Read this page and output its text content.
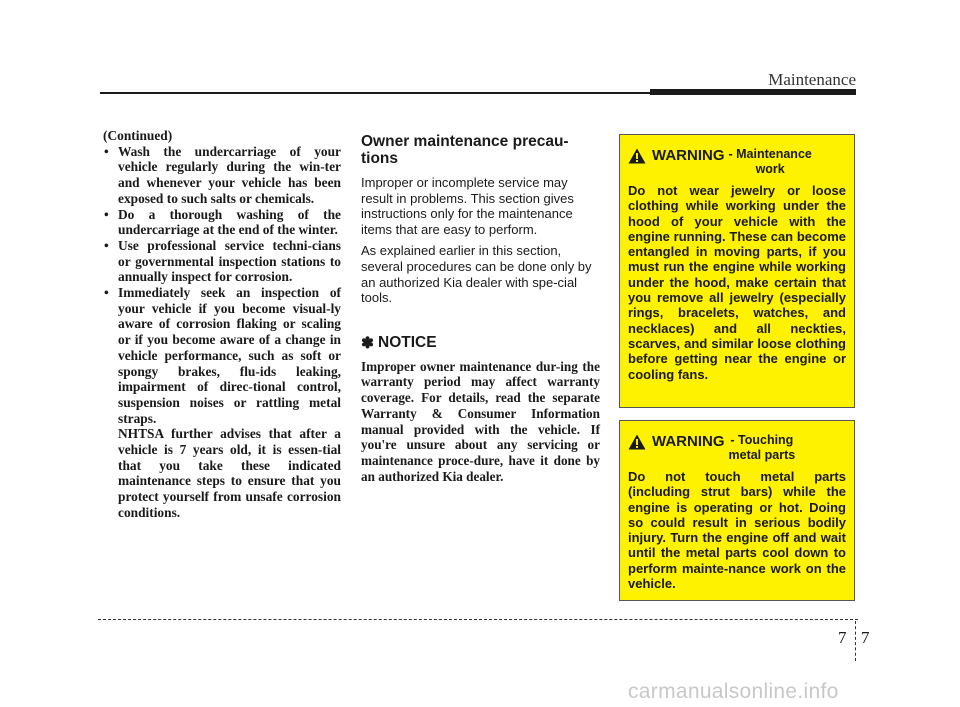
Maintenance

(Continued)

• Wash the undercarriage of your vehicle regularly during the win-ter and whenever your vehicle has been exposed to such salts or chemicals.
• Do a thorough washing of the undercarriage at the end of the winter.
• Use professional service techni-cians or governmental inspection stations to annually inspect for corrosion.
• Immediately seek an inspection of your vehicle if you become visual-ly aware of corrosion flaking or scaling or if you become aware of a change in vehicle performance, such as soft or spongy brakes, flu-ids leaking, impairment of direc-tional control, suspension noises or rattling metal straps.

NHTSA further advises that after a vehicle is 7 years old, it is essen-tial that you take these indicated maintenance steps to ensure that you protect yourself from unsafe corrosion conditions.

Owner maintenance precau-tions

Improper or incomplete service may result in problems. This section gives instructions only for the maintenance items that are easy to perform.

As explained earlier in this section, several procedures can be done only by an authorized Kia dealer with spe-cial tools.

✽ NOTICE

Improper owner maintenance dur-ing the warranty period may affect warranty coverage. For details, read the separate Warranty & Consumer Information manual provided with the vehicle. If you're unsure about any servicing or maintenance proce-dure, have it done by an authorized Kia dealer.

WARNING - Maintenance
work

Do not wear jewelry or loose clothing while working under the hood of your vehicle with the engine running. These can become entangled in moving parts, if you must run the engine while working under the hood, make certain that you remove all jewelry (especially rings, bracelets, watches, and necklaces) and all neckties, scarves, and similar loose clothing before getting near the engine or cooling fans.

WARNING - Touching
metal parts

Do not touch metal parts (including strut bars) while the engine is operating or hot. Doing so could result in serious bodily injury. Turn the engine off and wait until the metal parts cool down to perform mainte-nance work on the vehicle.

7 7
carmanualsonline.info
